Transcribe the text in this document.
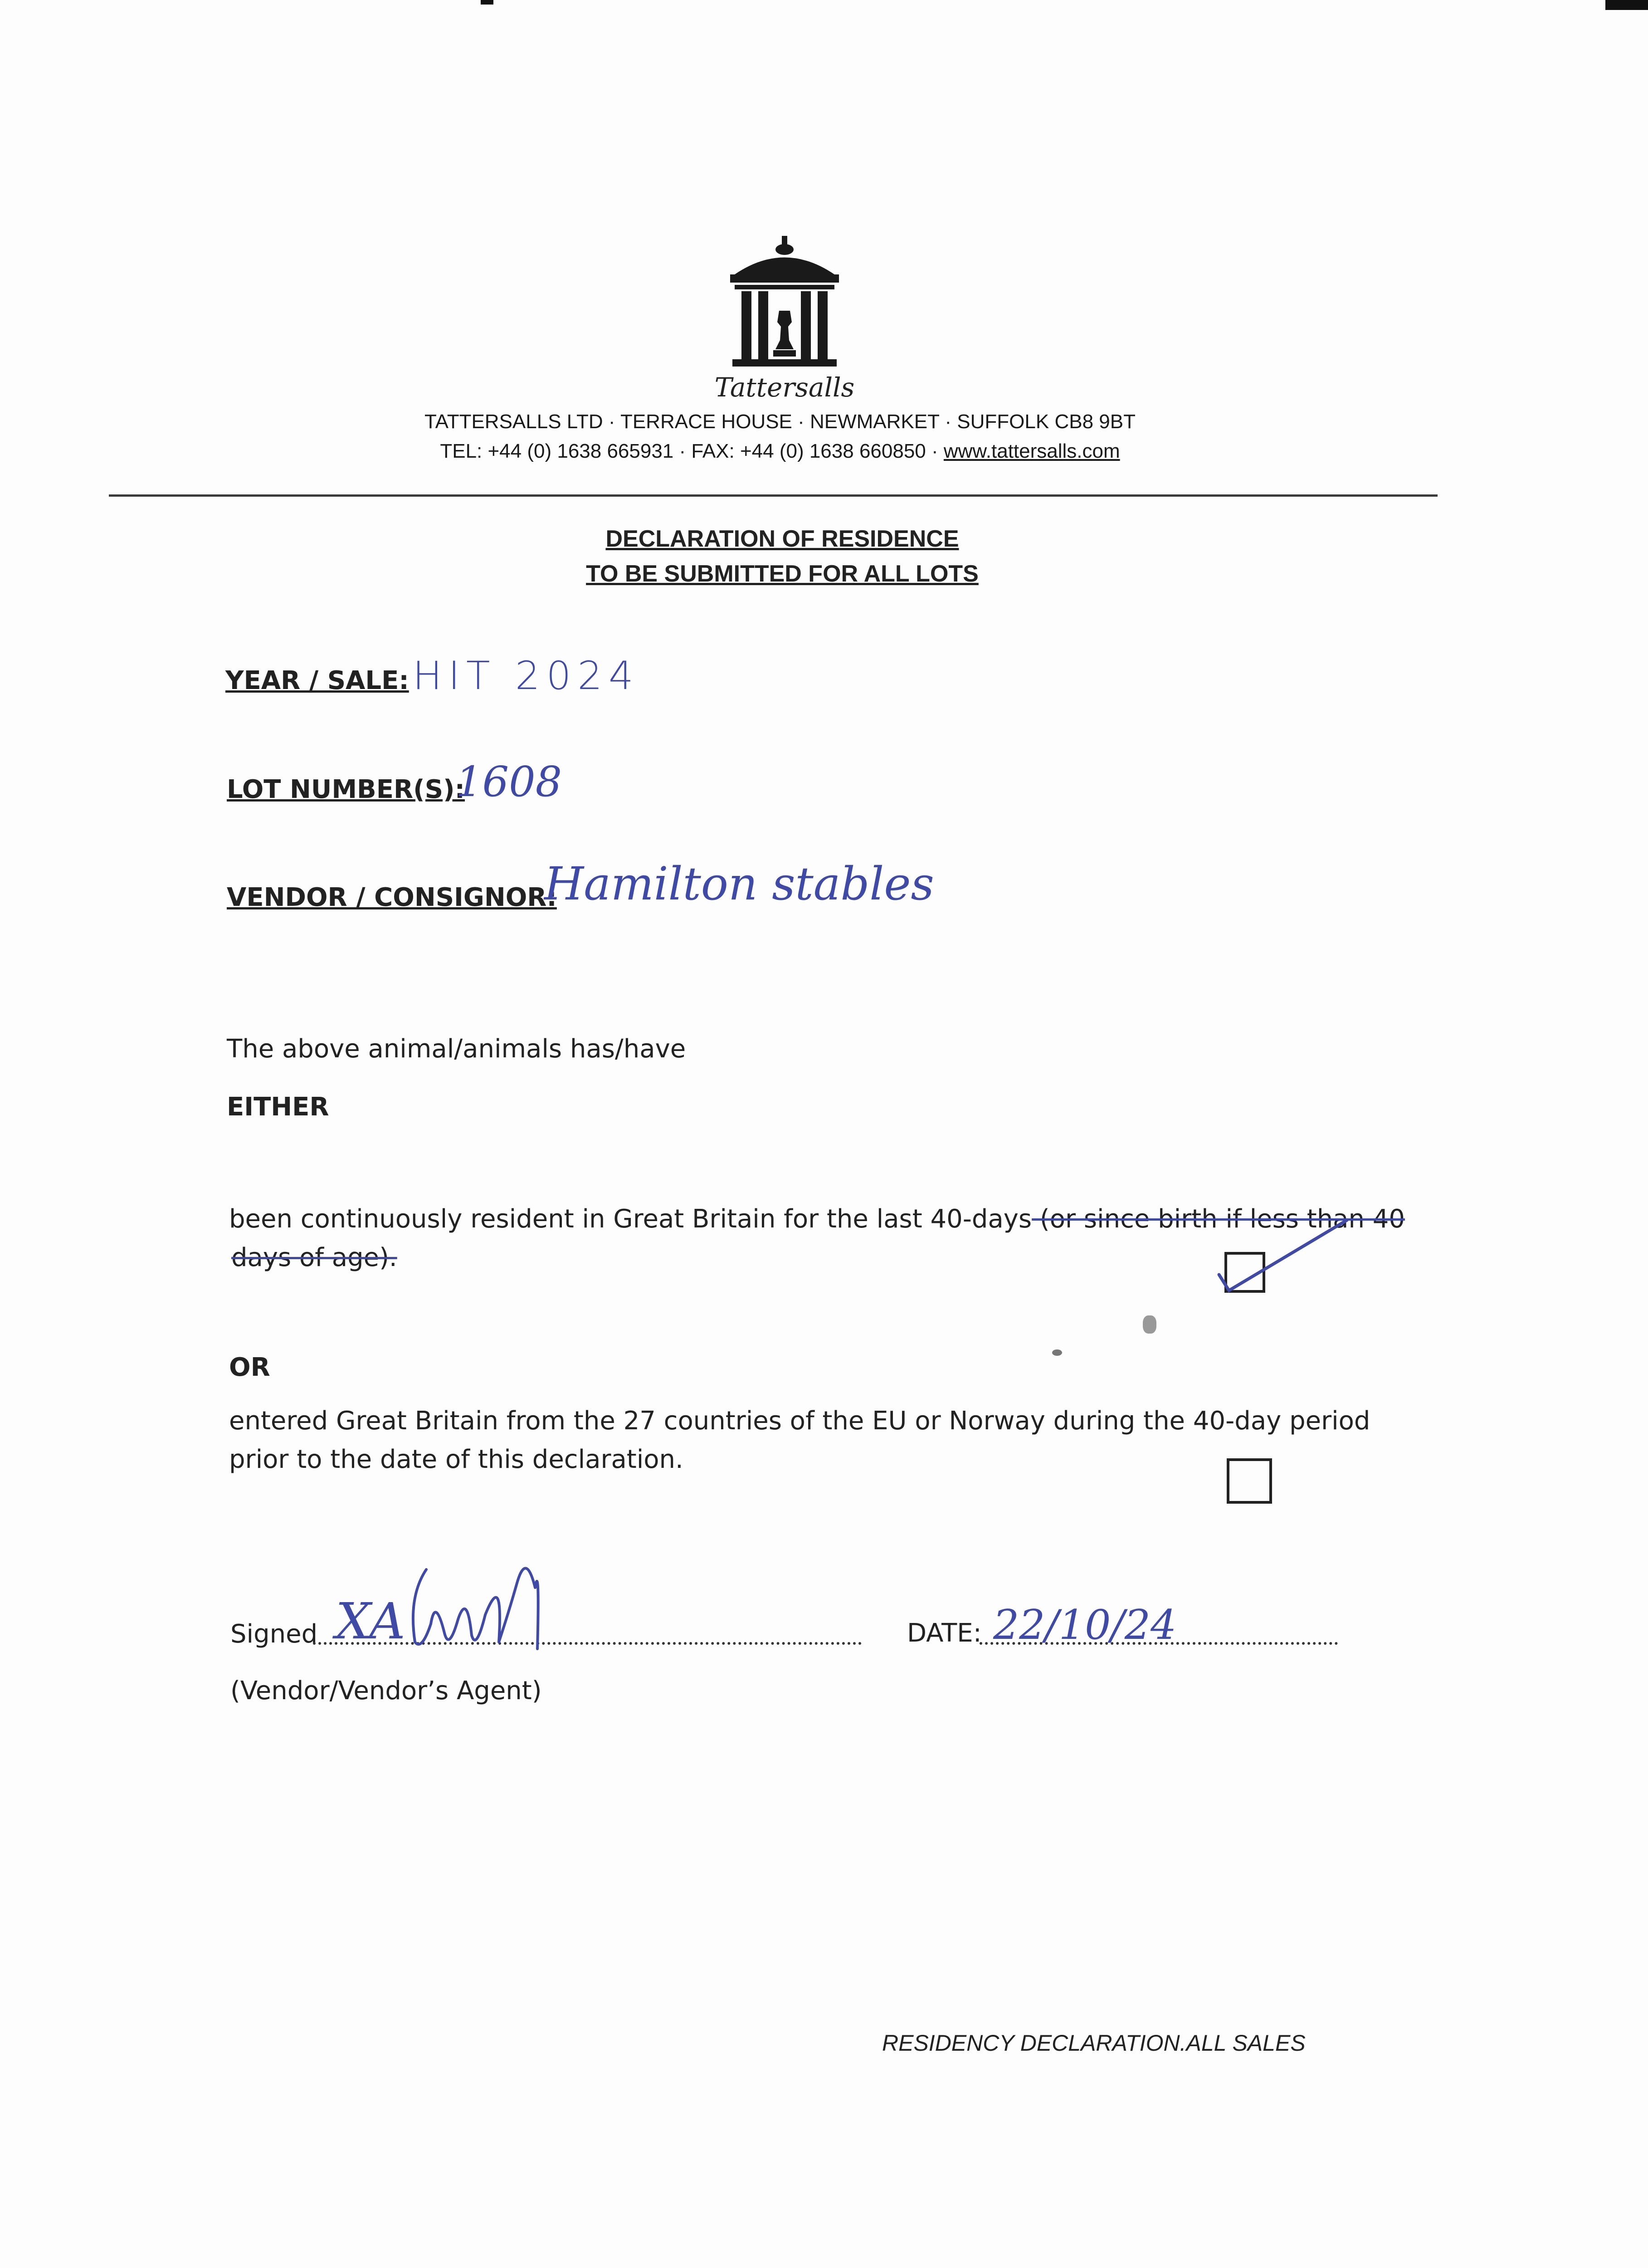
Tattersalls
TATTERSALLS LTD · TERRACE HOUSE · NEWMARKET · SUFFOLK CB8 9BT
TEL: +44 (0) 1638 665931 · FAX: +44 (0) 1638 660850 · www.tattersalls.com
DECLARATION OF RESIDENCE
TO BE SUBMITTED FOR ALL LOTS
YEAR / SALE: HIT 2024
LOT NUMBER(S):
1608
VENDOR / CONSIGNOR:
Hamilton stables
The above animal/animals has/have
EITHER
been continuously resident in Great Britain for the last 40-days (or since birth if less than 40
days of age).
OR
entered Great Britain from the 27 countries of the EU or Norway during the 40-day period
prior to the date of this declaration.
Signed XA	DATE: 22/10/24
(Vendor/Vendor’s Agent)
RESIDENCY DECLARATION.ALL SALES
